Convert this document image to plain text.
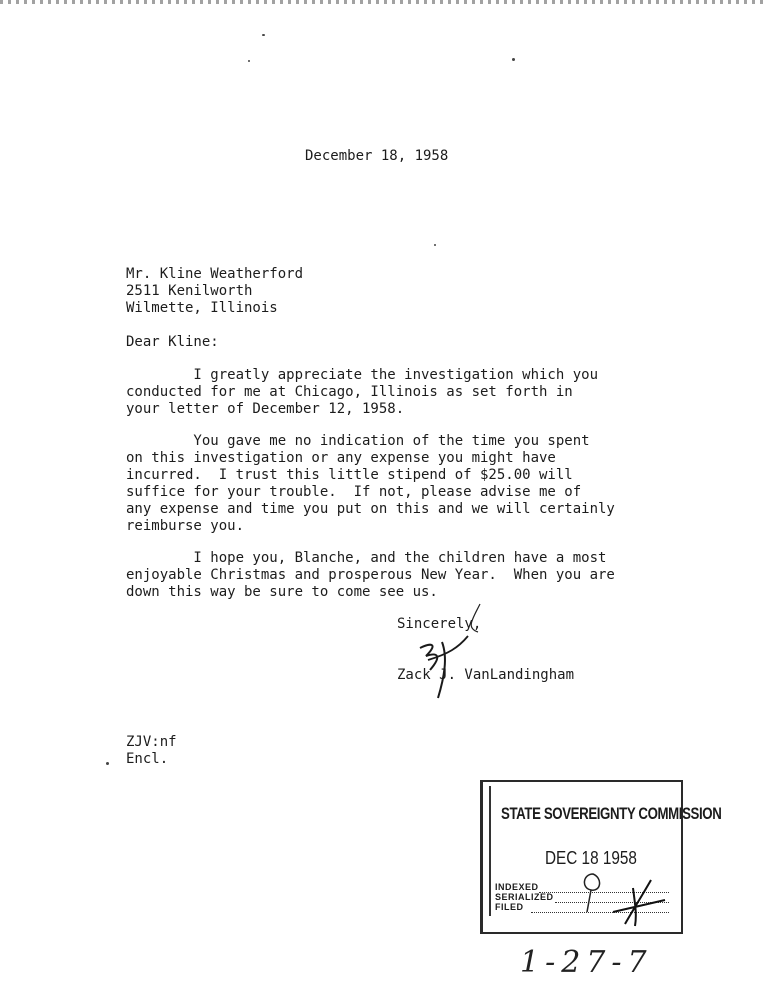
December 18, 1958
Mr. Kline Weatherford
2511 Kenilworth
Wilmette, Illinois
Dear Kline:
I greatly appreciate the investigation which you
conducted for me at Chicago, Illinois as set forth in
your letter of December 12, 1958.
You gave me no indication of the time you spent
on this investigation or any expense you might have
incurred.  I trust this little stipend of $25.00 will
suffice for your trouble.  If not, please advise me of
any expense and time you put on this and we will certainly
reimburse you.
I hope you, Blanche, and the children have a most
enjoyable Christmas and prosperous New Year.  When you are
down this way be sure to come see us.
Sincerely,
Zack J. VanLandingham
ZJV:nf
Encl.
STATE SOVEREIGNTY COMMISSION
DEC 18 1958
INDEXED
SERIALIZED
FILED
1-27-7
